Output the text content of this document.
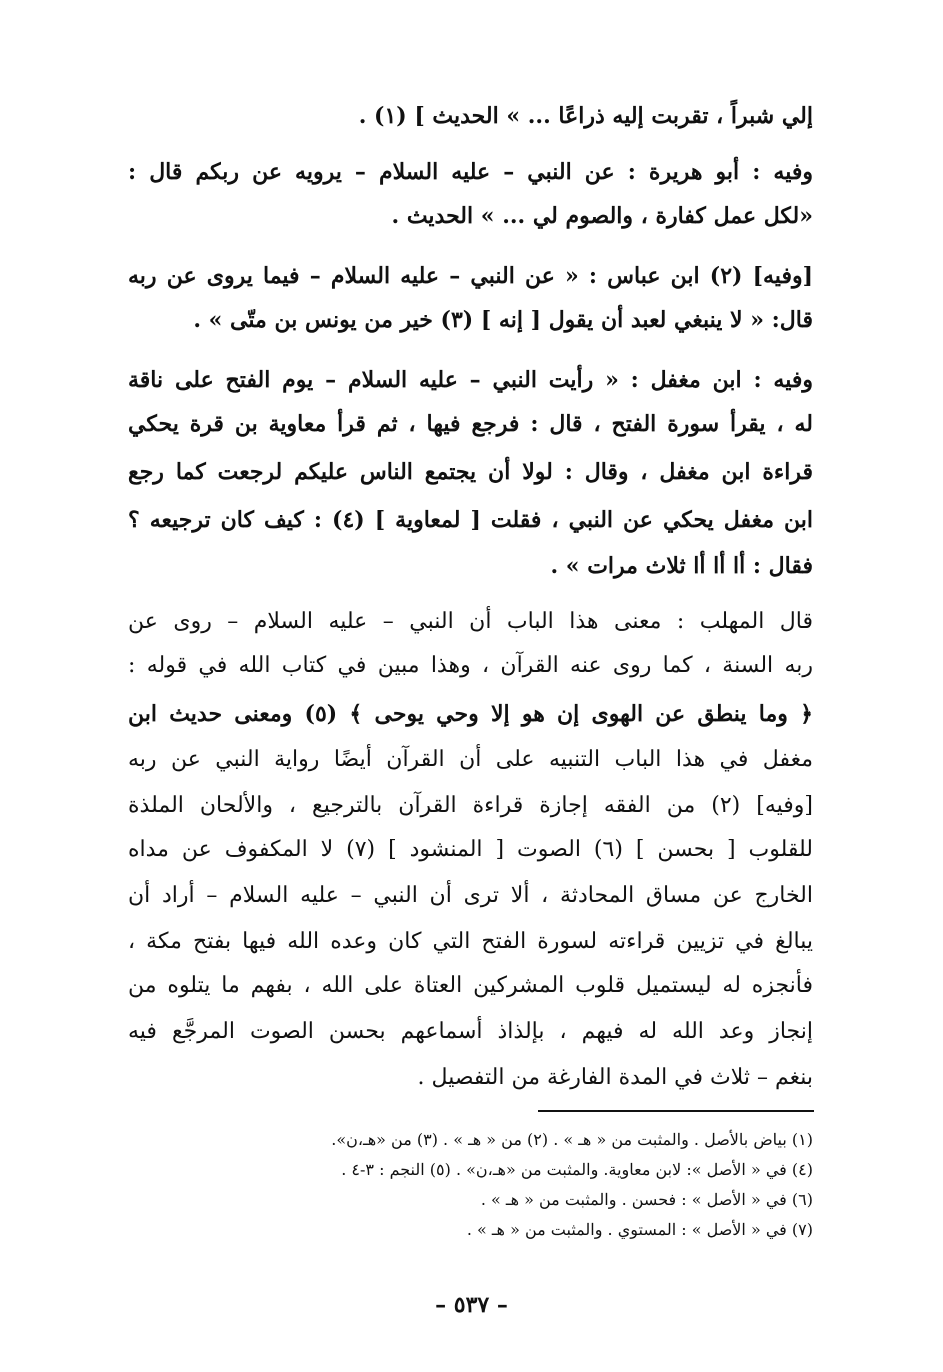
إلي شبراً ، تقربت إليه ذراعًا ... » الحديث ] (١) .
وفيه : أبو هريرة : عن النبي – عليه السلام – يرويه عن ربكم قال :
«لكل عمل كفارة ، والصوم لي ... » الحديث .
[وفيه] (٢) ابن عباس : « عن النبي – عليه السلام – فيما يروى عن ربه
قال: « لا ينبغي لعبد أن يقول [ إنه ] (٣) خير من يونس بن متّى » .
وفيه : ابن مغفل : « رأيت النبي – عليه السلام – يوم الفتح على ناقة
له ، يقرأ سورة الفتح ، قال : فرجع فيها ، ثم قرأ معاوية بن قرة يحكي
قراءة ابن مغفل ، وقال : لولا أن يجتمع الناس عليكم لرجعت كما رجع
ابن مغفل يحكي عن النبي ، فقلت [ لمعاوية ] (٤) : كيف كان ترجيعه ؟
فقال : أا أا أا ثلاث مرات » .
قال المهلب : معنى هذا الباب أن النبي – عليه السلام – روى عن
ربه السنة ، كما روى عنه القرآن ، وهذا مبين في كتاب الله في قوله :
﴿ وما ينطق عن الهوى إن هو إلا وحي يوحى ﴾ (٥) ومعنى حديث ابن
مغفل في هذا الباب التنبيه على أن القرآن أيضًا رواية النبي عن ربه
[وفيه] (٢) من الفقه إجازة قراءة القرآن بالترجيع ، والألحان الملذة
للقلوب [ بحسن ] (٦) الصوت [ المنشود ] (٧) لا المكفوف عن مداه
الخارج عن مساق المحادثة ، ألا ترى أن النبي – عليه السلام – أراد أن
يبالغ في تزيين قراءته لسورة الفتح التي كان وعده الله فيها بفتح مكة ،
فأنجزه له ليستميل قلوب المشركين العتاة على الله ، بفهم ما يتلوه من
إنجاز وعد الله له فيهم ، بإلذاذ أسماعهم بحسن الصوت المرجَّع فيه
بنغم – ثلاث في المدة الفارغة من التفصيل .
(١) بياض بالأصل . والمثبت من « هـ » . (٢) من « هـ » . (٣) من «هـ،ن».
(٤) في « الأصل »: لابن معاوية. والمثبت من «هـ،ن» . (٥) النجم : ٣-٤ .
(٦) في « الأصل » : فحسن . والمثبت من « هـ » .
(٧) في « الأصل » : المستوي . والمثبت من « هـ » .
– ٥٣٧ –
